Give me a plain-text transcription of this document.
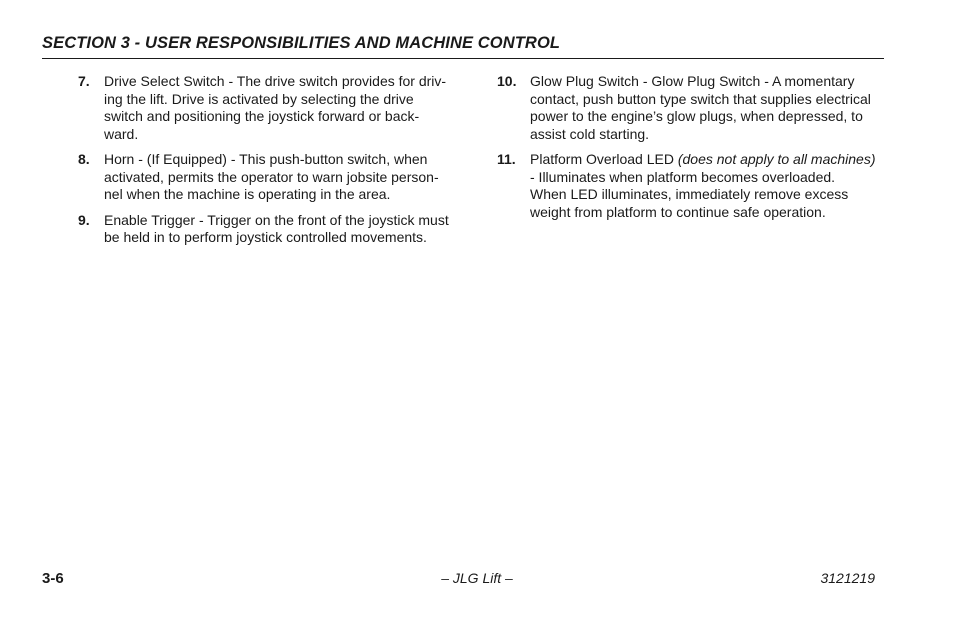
SECTION 3 - USER RESPONSIBILITIES AND MACHINE CONTROL
7. Drive Select Switch - The drive switch provides for driv-
ing the lift. Drive is activated by selecting the drive
switch and positioning the joystick forward or back-
ward.
8. Horn - (If Equipped) - This push-button switch, when
activated, permits the operator to warn jobsite person-
nel when the machine is operating in the area.
9. Enable Trigger - Trigger on the front of the joystick must
be held in to perform joystick controlled movements.
10. Glow Plug Switch - Glow Plug Switch - A momentary
contact, push button type switch that supplies electrical
power to the engine’s glow plugs, when depressed, to
assist cold starting.
11. Platform Overload LED (does not apply to all machines)
- Illuminates when platform becomes overloaded.
When LED illuminates, immediately remove excess
weight from platform to continue safe operation.
3-6	– JLG Lift –	3121219
